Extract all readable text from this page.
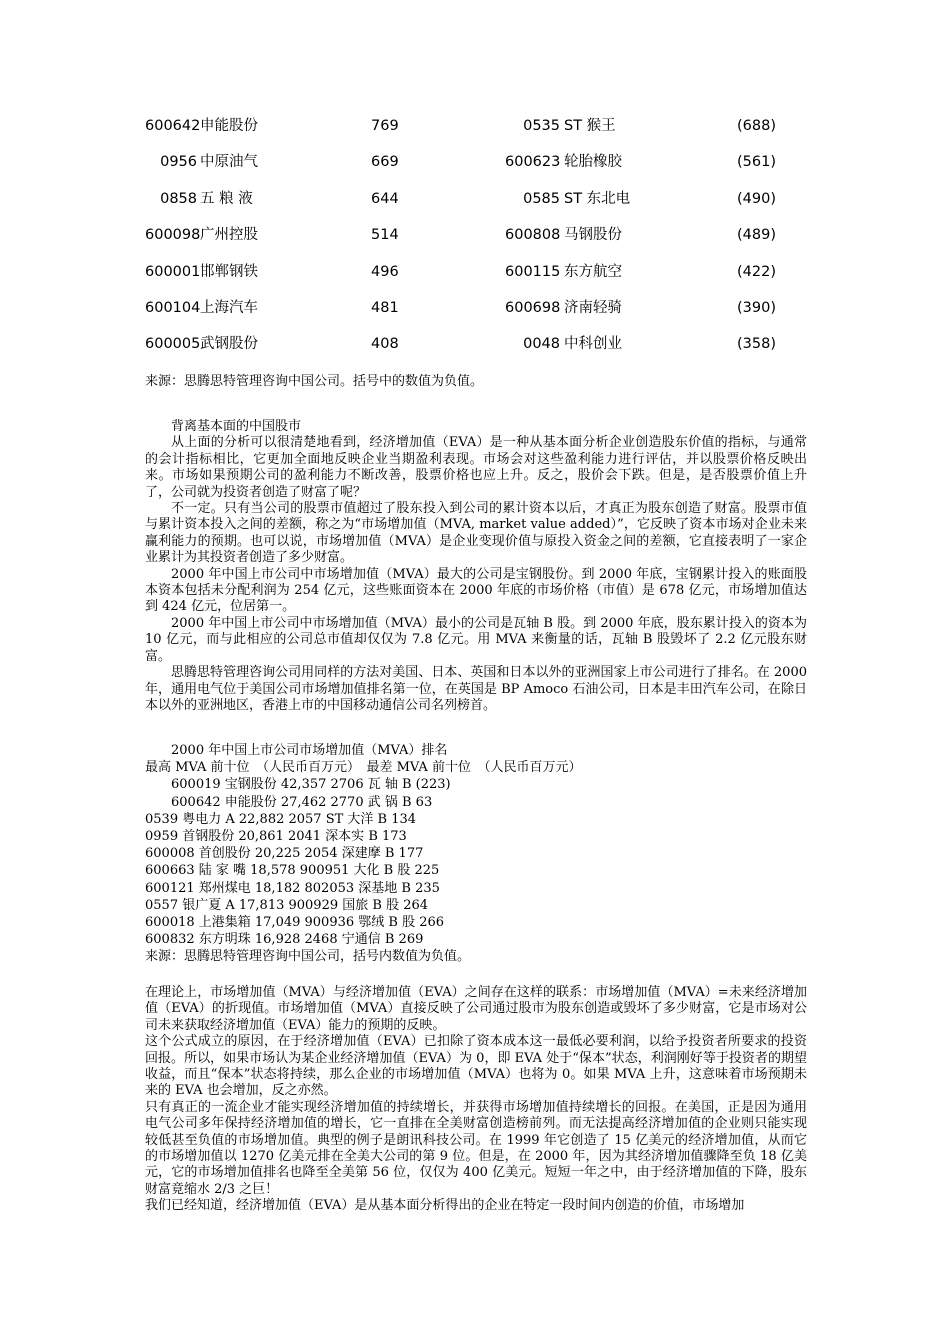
600642 申能股份	769	0535 ST 猴王	(688)
0956 中原油气	669	600623 轮胎橡胶	(561)
0858 五 粮 液	644	0585 ST 东北电	(490)
600098 广州控股	514	600808 马钢股份	(489)
600001 邯郸钢铁	496	600115 东方航空	(422)
600104 上海汽车	481	600698 济南轻骑	(390)
600005 武钢股份	408	0048 中科创业	(358)
来源：思腾思特管理咨询中国公司。括号中的数值为负值。

背离基本面的中国股市

从上面的分析可以很清楚地看到，经济增加值（EVA）是一种从基本面分析企业创造股东价值的指标，与通常的会计指标相比，它更加全面地反映企业当期盈利表现。市场会对这些盈利能力进行评估，并以股票价格反映出来。市场如果预期公司的盈利能力不断改善，股票价格也应上升。反之，股价会下跌。但是，是否股票价值上升了，公司就为投资者创造了财富了呢？

不一定。只有当公司的股票市值超过了股东投入到公司的累计资本以后，才真正为股东创造了财富。股票市值与累计资本投入之间的差额，称之为“市场增加值（MVA, market value added）”，它反映了资本市场对企业未来赢利能力的预期。也可以说，市场增加值（MVA）是企业变现价值与原投入资金之间的差额，它直接表明了一家企业累计为其投资者创造了多少财富。

2000 年中国上市公司中市场增加值（MVA）最大的公司是宝钢股份。到 2000 年底，宝钢累计投入的账面股本资本包括未分配利润为 254 亿元，这些账面资本在 2000 年底的市场价格（市值）是 678 亿元，市场增加值达到 424 亿元，位居第一。

2000 年中国上市公司中市场增加值（MVA）最小的公司是瓦轴 B 股。到 2000 年底，股东累计投入的资本为 10 亿元，而与此相应的公司总市值却仅仅为 7.8 亿元。用 MVA 来衡量的话，瓦轴 B 股毁坏了 2.2 亿元股东财富。

思腾思特管理咨询公司用同样的方法对美国、日本、英国和日本以外的亚洲国家上市公司进行了排名。在 2000 年，通用电气位于美国公司市场增加值排名第一位，在英国是 BP Amoco 石油公司，日本是丰田汽车公司，在除日本以外的亚洲地区，香港上市的中国移动通信公司名列榜首。

2000 年中国上市公司市场增加值（MVA）排名

最高 MVA 前十位　（人民币百万元）　最差 MVA 前十位　（人民币百万元）

600019 宝钢股份 42,357 2706 瓦 轴 B (223)

600642 申能股份 27,462 2770 武 锅 B 63

0539 粤电力 A 22,882 2057 ST 大洋 B 134

0959 首钢股份 20,861 2041 深本实 B 173

600008 首创股份 20,225 2054 深建摩 B 177

600663 陆 家 嘴 18,578 900951 大化 B 股 225

600121 郑州煤电 18,182 802053 深基地 B 235

0557 银广夏 A 17,813 900929 国旅 B 股 264

600018 上港集箱 17,049 900936 鄂绒 B 股 266

600832 东方明珠 16,928 2468 宁通信 B 269

来源：思腾思特管理咨询中国公司，括号内数值为负值。

在理论上，市场增加值（MVA）与经济增加值（EVA）之间存在这样的联系：市场增加值（MVA）=未来经济增加值（EVA）的折现值。市场增加值（MVA）直接反映了公司通过股市为股东创造或毁坏了多少财富，它是市场对公司未来获取经济增加值（EVA）能力的预期的反映。

这个公式成立的原因，在于经济增加值（EVA）已扣除了资本成本这一最低必要利润，以给予投资者所要求的投资回报。所以，如果市场认为某企业经济增加值（EVA）为 0，即 EVA 处于“保本”状态，利润刚好等于投资者的期望收益，而且“保本”状态将持续，那么企业的市场增加值（MVA）也将为 0。如果 MVA 上升，这意味着市场预期未来的 EVA 也会增加，反之亦然。

只有真正的一流企业才能实现经济增加值的持续增长，并获得市场增加值持续增长的回报。在美国，正是因为通用电气公司多年保持经济增加值的增长，它一直排在全美财富创造榜前列。而无法提高经济增加值的企业则只能实现较低甚至负值的市场增加值。典型的例子是朗讯科技公司。在 1999 年它创造了 15 亿美元的经济增加值，从而它的市场增加值以 1270 亿美元排在全美大公司的第 9 位。但是，在 2000 年，因为其经济增加值骤降至负 18 亿美元，它的市场增加值排名也降至全美第 56 位，仅仅为 400 亿美元。短短一年之中，由于经济增加值的下降，股东财富竟缩水 2/3 之巨！

我们已经知道，经济增加值（EVA）是从基本面分析得出的企业在特定一段时间内创造的价值，市场增加
